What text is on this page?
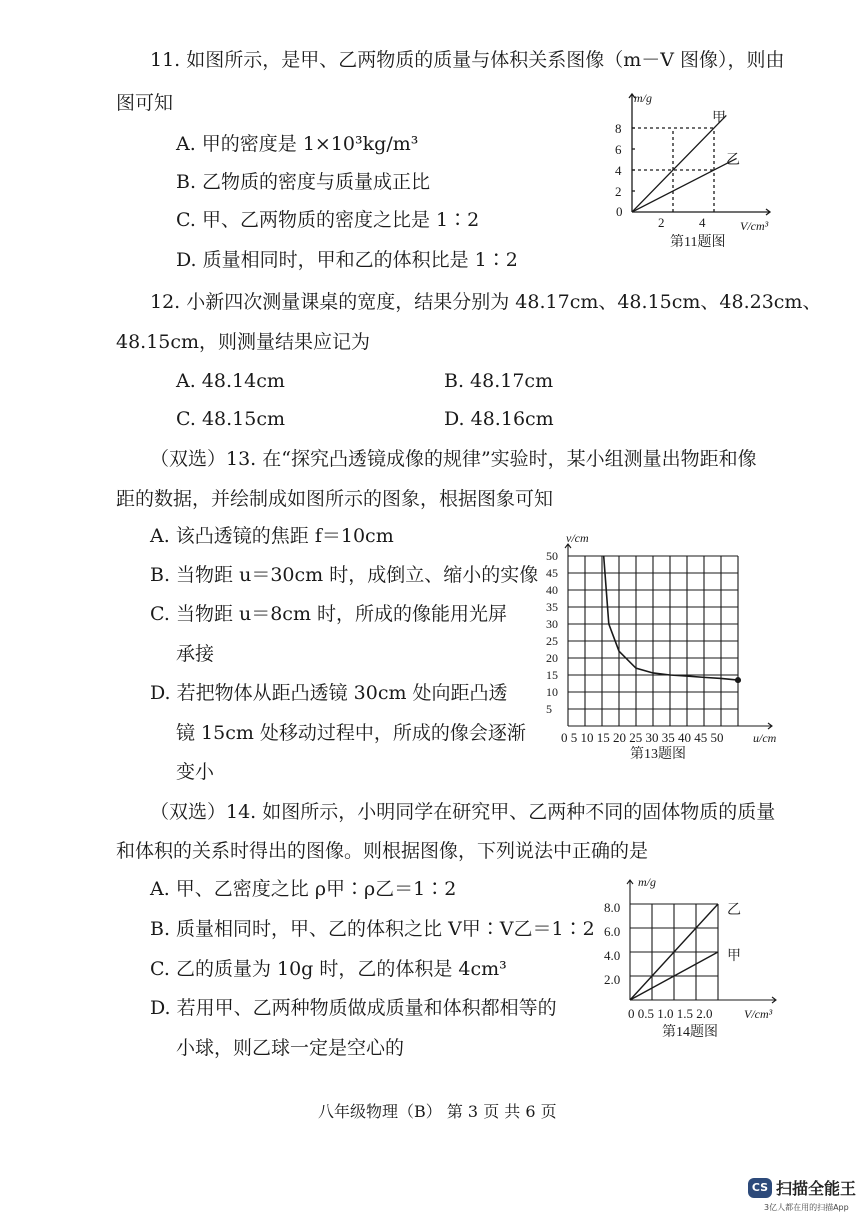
11. 如图所示，是甲、乙两物质的质量与体积关系图像（m－V 图像），则由
图可知
A. 甲的密度是 1×10³kg/m³
B. 乙物质的密度与质量成正比
C. 甲、乙两物质的密度之比是 1∶2
D. 质量相同时，甲和乙的体积比是 1∶2
m/g
V/cm³
8
6
4
2
0
2	4
甲
乙
第11题图
12. 小新四次测量课桌的宽度，结果分别为 48.17cm、48.15cm、48.23cm、
48.15cm，则测量结果应记为
A. 48.14cm	B. 48.17cm
C. 48.15cm	D. 48.16cm
（双选）13. 在“探究凸透镜成像的规律”实验时，某小组测量出物距和像
距的数据，并绘制成如图所示的图象，根据图象可知
A. 该凸透镜的焦距 f＝10cm
B. 当物距 u＝30cm 时，成倒立、缩小的实像
C. 当物距 u＝8cm 时，所成的像能用光屏
承接
D. 若把物体从距凸透镜 30cm 处向距凸透
镜 15cm 处移动过程中，所成的像会逐渐
变小
50
45
40
35
30
25
20
15
10
5
v/cm
0 5 10 15 20 25 30 35 40 45 50 u/cm
第13题图
（双选）14. 如图所示，小明同学在研究甲、乙两种不同的固体物质的质量
和体积的关系时得出的图像。则根据图像，下列说法中正确的是
A. 甲、乙密度之比 ρ甲∶ρ乙＝1∶2
B. 质量相同时，甲、乙的体积之比 V甲∶V乙＝1∶2
C. 乙的质量为 10g 时，乙的体积是 4cm³
D. 若用甲、乙两种物质做成质量和体积都相等的
小球，则乙球一定是空心的
m/g
8.0
6.0
4.0
2.0
0 0.5 1.0 1.5 2.0	V/cm³
乙
甲
第14题图
八年级物理（B） 第 3 页 共 6 页
CS 扫描全能王
3亿人都在用的扫描App
